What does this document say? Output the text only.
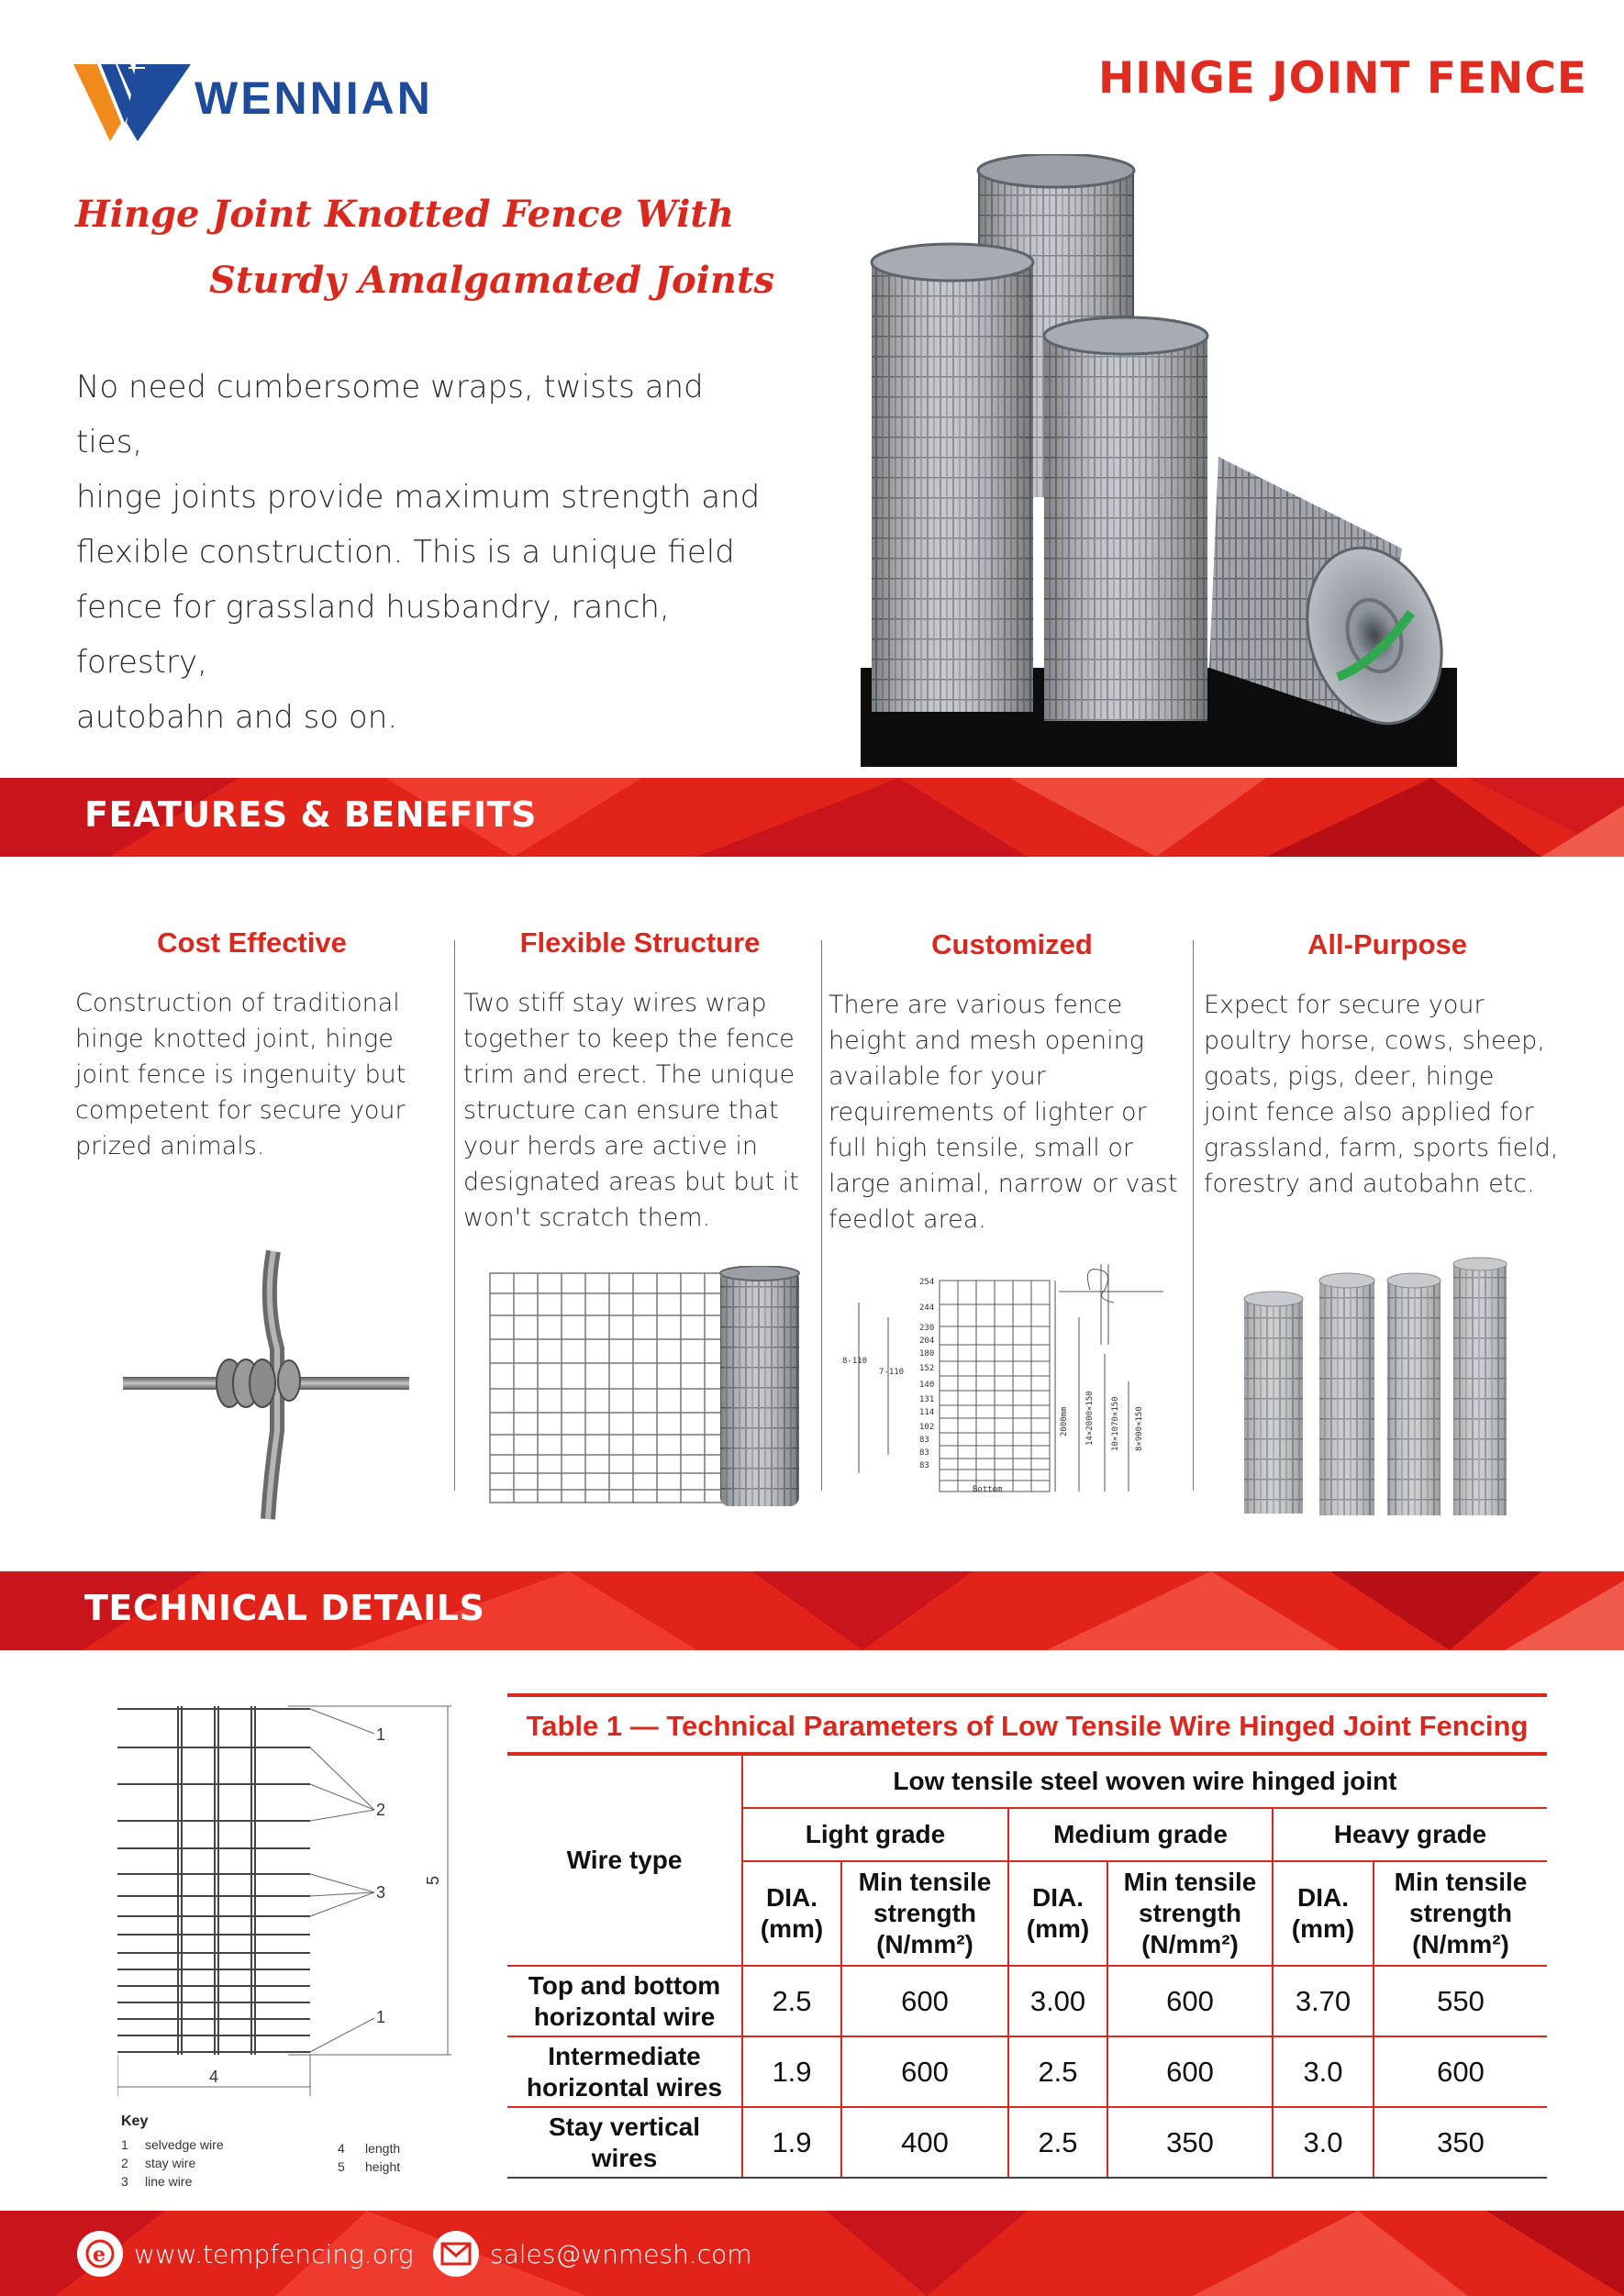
WENNIAN	HINGE JOINT FENCE
Hinge Joint Knotted Fence With
Sturdy Amalgamated Joints
No need cumbersome wraps, twists and ties,
hinge joints provide maximum strength and
flexible construction. This is a unique field
fence for grassland husbandry, ranch, forestry,
autobahn and so on.
FEATURES & BENEFITS
Cost Effective

Construction of traditional
hinge knotted joint, hinge
joint fence is ingenuity but
competent for secure your
prized animals.

Flexible Structure

Two stiff stay wires wrap
together to keep the fence
trim and erect. The unique
structure can ensure that
your herds are active in
designated areas but but it
won't scratch them.

Customized

There are various fence
height and mesh opening
available for your
requirements of lighter or
full high tensile, small or
large animal, narrow or vast
feedlot area.

All-Purpose

Expect for secure your
poultry horse, cows, sheep,
goats, pigs, deer, hinge
joint fence also applied for
grassland, farm, sports field,
forestry and autobahn etc.

254
244
230
204
180
152
140
131
114
102
83
83
83
8-110
7-110
Bottom
2000mm 14×2000×150 10×1070×150 8×900×150
TECHNICAL DETAILS
1
2
3
1
5
4
Key
1 selvedge wire
2 stay wire
3 line wire
4 length
5 height
Table 1 — Technical Parameters of Low Tensile Wire Hinged Joint Fencing
Wire type	Low tensile steel woven wire hinged joint					
	Light grade		Medium grade		Heavy grade	
	DIA.
(mm)	Min tensile
strength
(N/mm²)	DIA.
(mm)	Min tensile
strength
(N/mm²)	DIA.
(mm)	Min tensile
strength
(N/mm²)
Top and bottom
horizontal wire	2.5	600	3.00	600	3.70	550
Intermediate
horizontal wires	1.9	600	2.5	600	3.0	600
Stay vertical
wires	1.9	400	2.5	350	3.0	350
e www.tempfencing.org	sales@wnmesh.com
